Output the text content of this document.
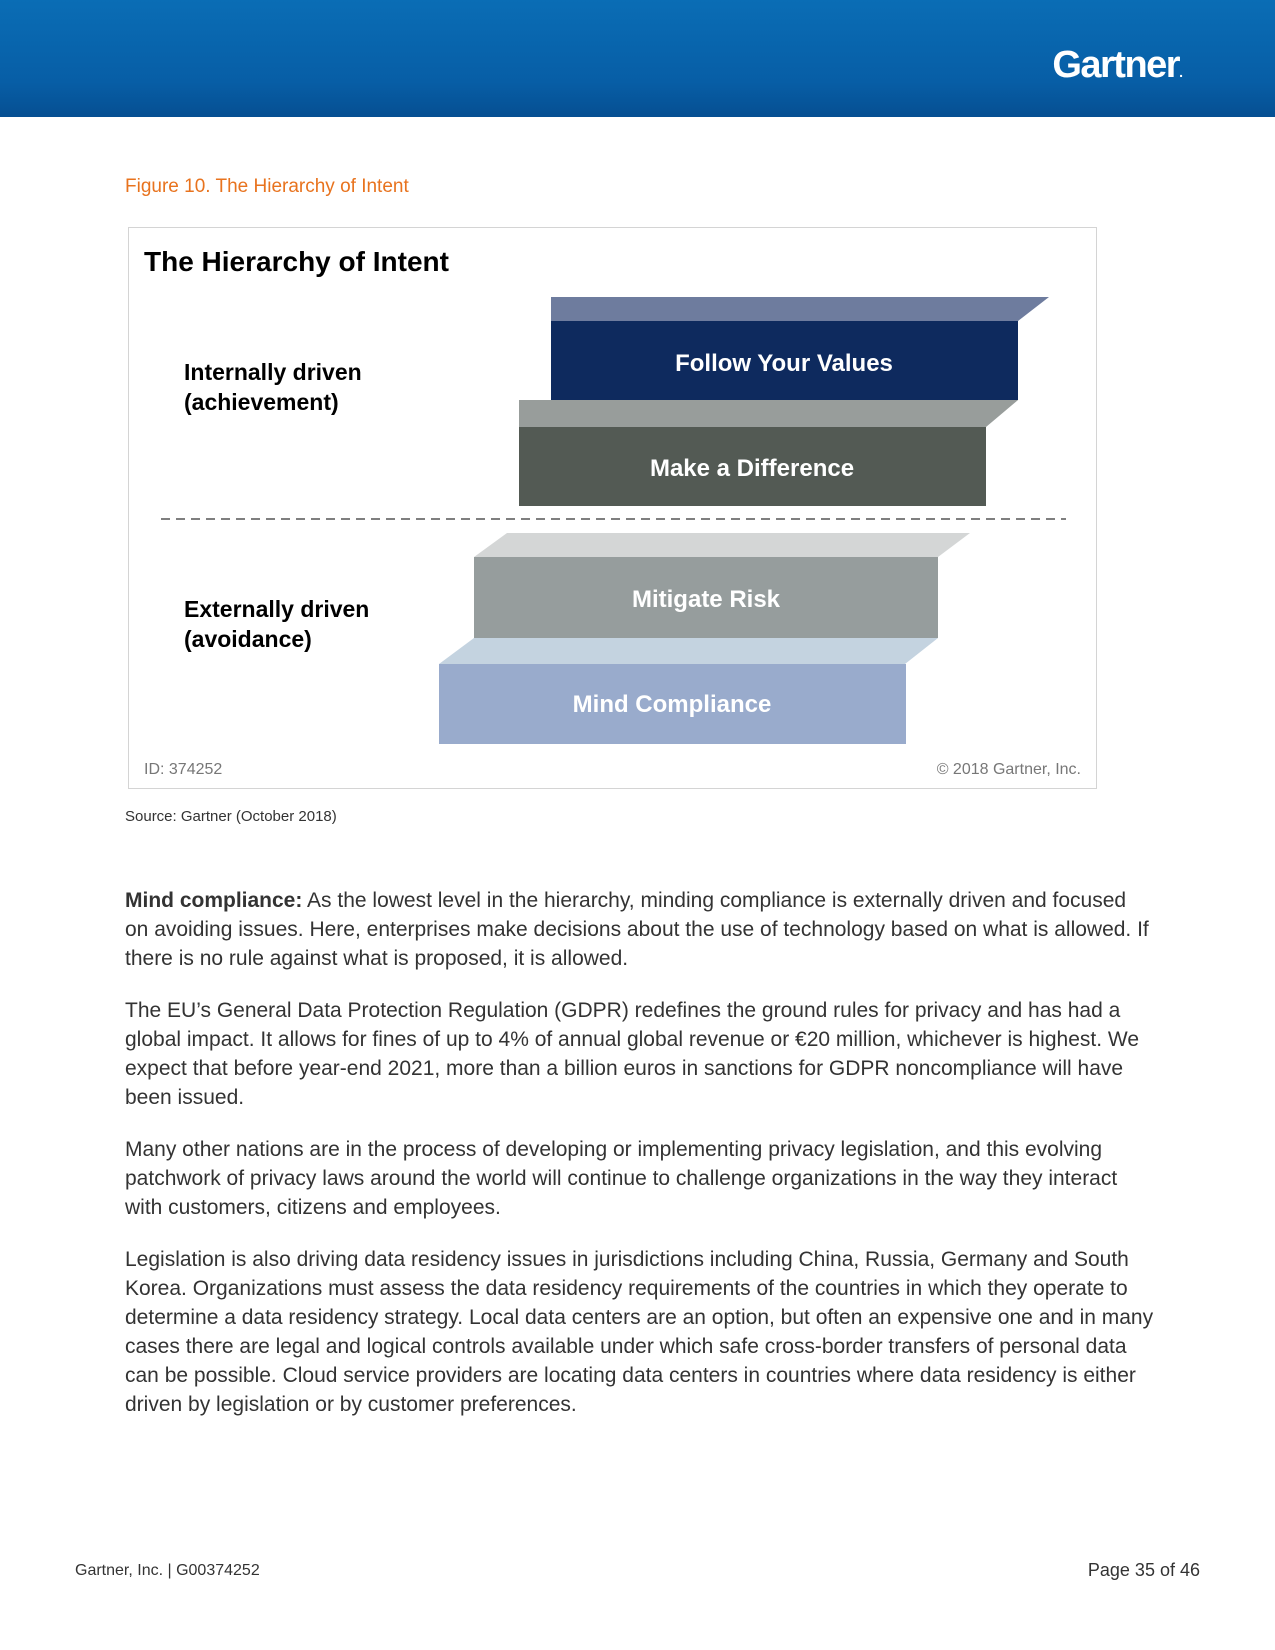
Gartner.
Figure 10. The Hierarchy of Intent
The Hierarchy of Intent
Internally driven
(achievement)
Externally driven
(avoidance)
Follow Your Values
Make a Difference
Mitigate Risk
Mind Compliance
ID: 374252	© 2018 Gartner, Inc.
Source: Gartner (October 2018)

Mind compliance: As the lowest level in the hierarchy, minding compliance is externally driven and focused on avoiding issues. Here, enterprises make decisions about the use of technology based on what is allowed. If there is no rule against what is proposed, it is allowed.

The EU’s General Data Protection Regulation (GDPR) redefines the ground rules for privacy and has had a global impact. It allows for fines of up to 4% of annual global revenue or €20 million, whichever is highest. We expect that before year-end 2021, more than a billion euros in sanctions for GDPR noncompliance will have been issued.

Many other nations are in the process of developing or implementing privacy legislation, and this evolving patchwork of privacy laws around the world will continue to challenge organizations in the way they interact with customers, citizens and employees.

Legislation is also driving data residency issues in jurisdictions including China, Russia, Germany and South Korea. Organizations must assess the data residency requirements of the countries in which they operate to determine a data residency strategy. Local data centers are an option, but often an expensive one and in many cases there are legal and logical controls available under which safe cross-border transfers of personal data can be possible. Cloud service providers are locating data centers in countries where data residency is either driven by legislation or by customer preferences.

Gartner, Inc. | G00374252	Page 35 of 46
